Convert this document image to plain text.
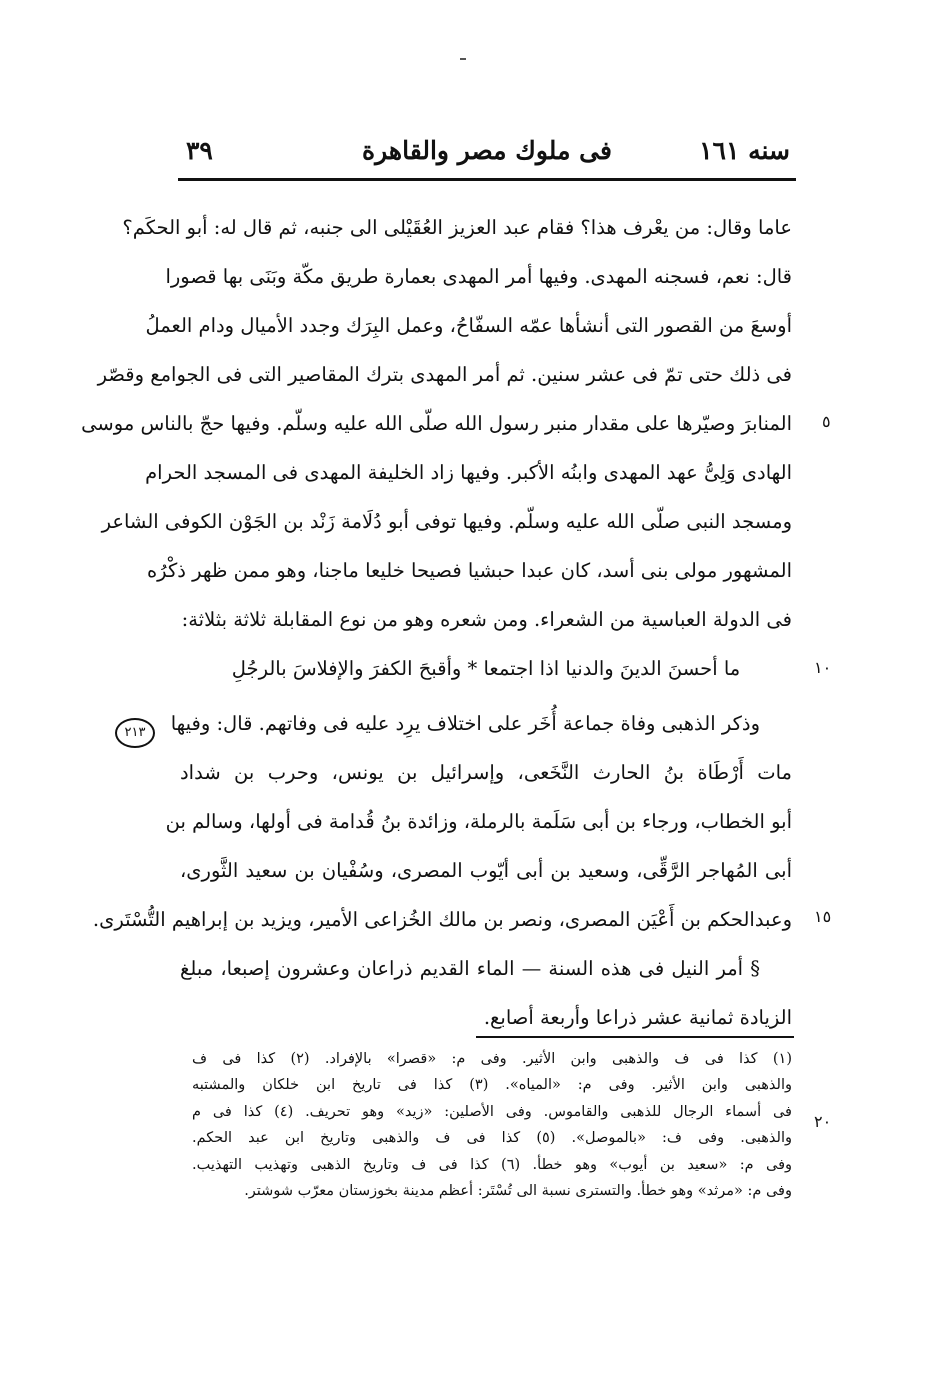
سنه ١٦١
فى ملوك مصر والقاهرة
٣٩
٥
١٠
١٥
٢٠
٢١٣
عاما وقال: من يعْرف هذا؟ فقام عبد العزيز العُقَيْلى الى جنبه، ثم قال له: أبو الحكَم؟
قال: نعم، فسجنه المهدى. وفيها أمر المهدى بعمارة طريق مكّة وبَنَى بها قصورا
أوسعَ من القصور التى أنشأها عمّه السفّاحُ، وعمل البِرَك وجدد الأميال ودام العملُ
فى ذلك حتى تمّ فى عشر سنين. ثم أمر المهدى بترك المقاصير التى فى الجوامع وقصّر
المنابرَ وصيّرها على مقدار منبر رسول الله صلّى الله عليه وسلّم. وفيها حجّ بالناس موسى
الهادى وَلِىُّ عهد المهدى وابنُه الأكبر. وفيها زاد الخليفة المهدى فى المسجد الحرام
ومسجد النبى صلّى الله عليه وسلّم. وفيها توفى أبو دُلَامة زَنْد بن الجَوْن الكوفى الشاعر
المشهور مولى بنى أسد، كان عبدا حبشيا فصيحا خليعا ماجنا، وهو ممن ظهر ذكْرُه
فى الدولة العباسية من الشعراء. ومن شعره وهو من نوع المقابلة ثلاثة بثلاثة:
ما أحسنَ الدينَ والدنيا اذا اجتمعا * وأقبحَ الكفرَ والإفلاسَ بالرجُلِ
وذكر الذهبى وفاة جماعة أُخَر على اختلاف يرِد عليه فى وفاتهم. قال: وفيها
مات أَرْطَاة بنُ الحارث النَّخَعى، وإسرائيل بن يونس، وحرب بن شداد
أبو الخطاب، ورجاء بن أبى سَلَمة بالرملة، وزائدة بنُ قُدامة فى أولها، وسالم بن
أبى المُهاجر الرَّقِّى، وسعيد بن أبى أيّوب المصرى، وسُفْيان بن سعيد الثَّورى،
وعبدالحكم بن أَعْيَن المصرى، ونصر بن مالك الخُزاعى الأمير، ويزيد بن إبراهيم التُّسْتَرى.
§ أمر النيل فى هذه السنة — الماء القديم ذراعان وعشرون إصبعا، مبلغ
الزيادة ثمانية عشر ذراعا وأربعة أصابع.
(١) كذا فى ف والذهبى وابن الأثير. وفى م: «قصرا» بالإفراد. (٢) كذا فى ف
والذهبى وابن الأثير. وفى م: «المياه». (٣) كذا فى تاريخ ابن خلكان والمشتبه
فى أسماء الرجال للذهبى والقاموس. وفى الأصلين: «زيد» وهو تحريف. (٤) كذا فى م
والذهبى. وفى ف: «بالموصل». (٥) كذا فى ف والذهبى وتاريخ ابن عبد الحكم.
وفى م: «سعيد بن أيوب» وهو خطأ. (٦) كذا فى ف وتاريخ الذهبى وتهذيب التهذيب.
وفى م: «مرثد» وهو خطأ. والتسترى نسبة الى تُسْتَر: أعظم مدينة بخوزستان معرّب شوشتر.
